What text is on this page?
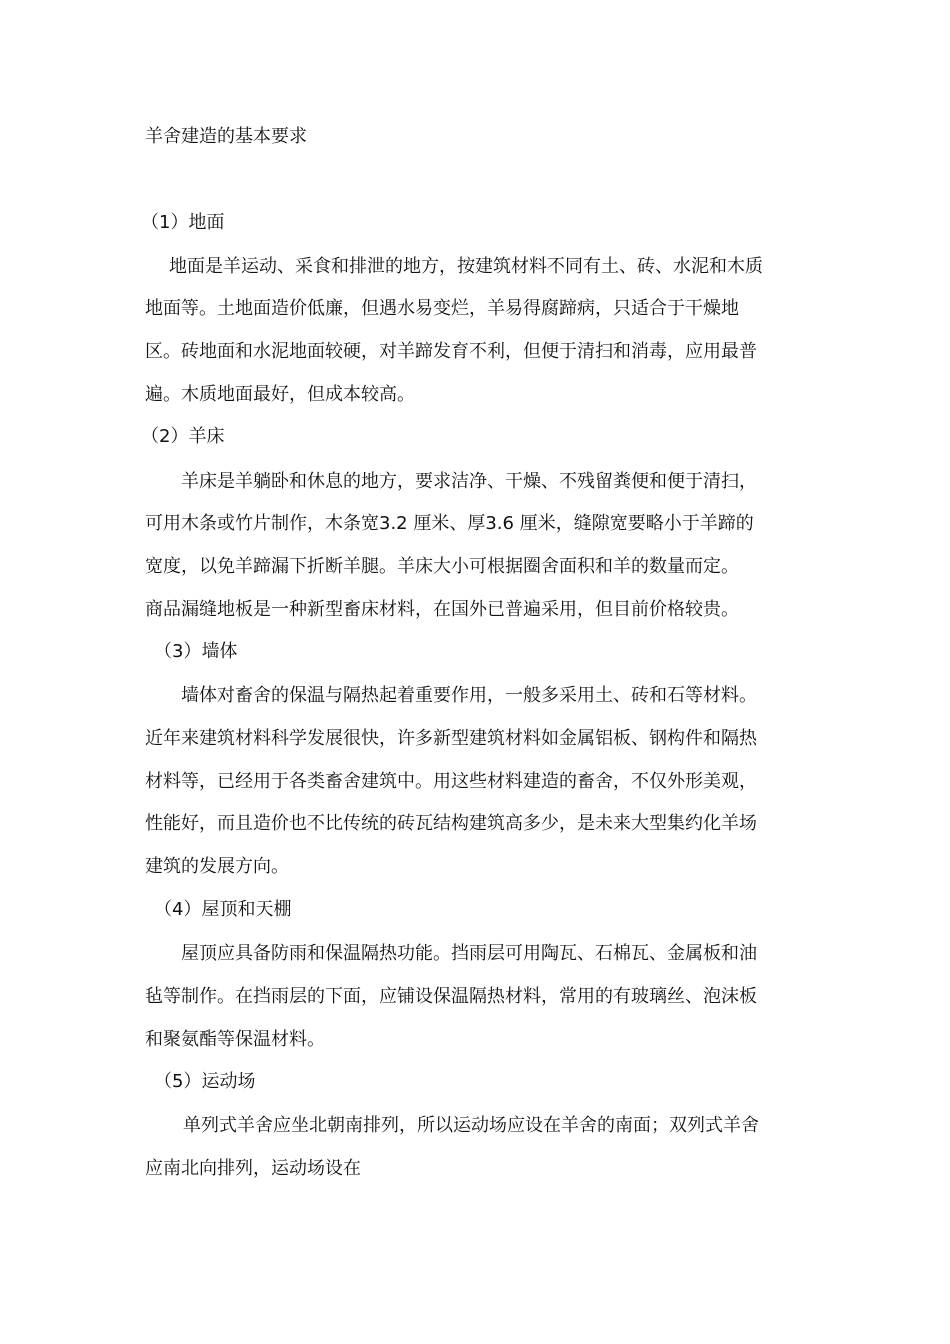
羊舍建造的基本要求
（1）地面
地面是羊运动、采食和排泄的地方，按建筑材料不同有土、砖、水泥和木质
地面等。土地面造价低廉，但遇水易变烂，羊易得腐蹄病，只适合于干燥地
区。砖地面和水泥地面较硬，对羊蹄发育不利，但便于清扫和消毒，应用最普
遍。木质地面最好，但成本较高。
（2）羊床
羊床是羊躺卧和休息的地方，要求洁净、干燥、不残留粪便和便于清扫，
可用木条或竹片制作，木条宽3.2 厘米、厚3.6 厘米，缝隙宽要略小于羊蹄的
宽度，以免羊蹄漏下折断羊腿。羊床大小可根据圈舍面积和羊的数量而定。
商品漏缝地板是一种新型畜床材料，在国外已普遍采用，但目前价格较贵。
（3）墙体
墙体对畜舍的保温与隔热起着重要作用，一般多采用土、砖和石等材料。
近年来建筑材料科学发展很快，许多新型建筑材料如金属铝板、钢构件和隔热
材料等，已经用于各类畜舍建筑中。用这些材料建造的畜舍，不仅外形美观，
性能好，而且造价也不比传统的砖瓦结构建筑高多少，是未来大型集约化羊场
建筑的发展方向。
（4）屋顶和天棚
屋顶应具备防雨和保温隔热功能。挡雨层可用陶瓦、石棉瓦、金属板和油
毡等制作。在挡雨层的下面，应铺设保温隔热材料，常用的有玻璃丝、泡沫板
和聚氨酯等保温材料。
（5）运动场
单列式羊舍应坐北朝南排列，所以运动场应设在羊舍的南面；双列式羊舍
应南北向排列，运动场设在
